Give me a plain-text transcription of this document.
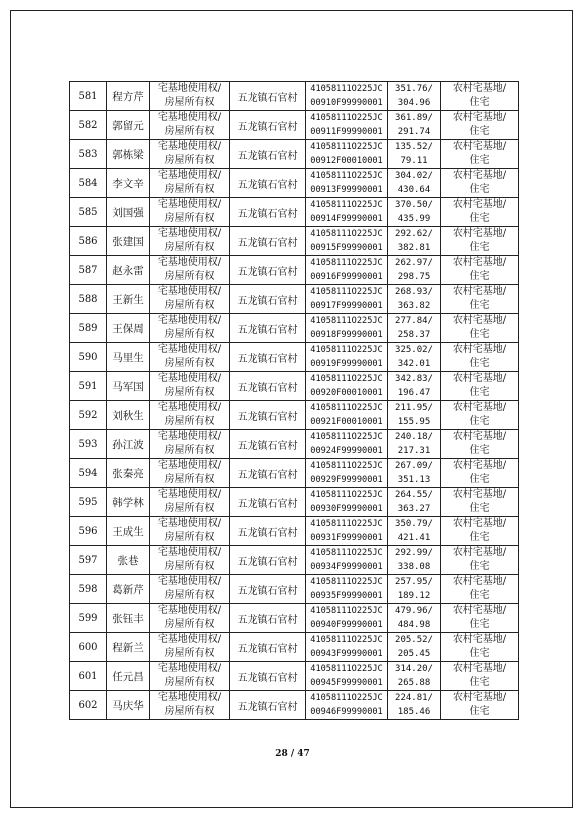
581	程方芹	宅基地使用权/
房屋所有权	五龙镇石官村	41058111O225JC
00910F99990001	351.76/
304.96	农村宅基地/
住宅

582	郭留元	宅基地使用权/
房屋所有权	五龙镇石官村	41058111O225JC
00911F99990001	361.89/
291.74	农村宅基地/
住宅

583	郭栋梁	宅基地使用权/
房屋所有权	五龙镇石官村	41058111O225JC
00912F00010001	135.52/
79.11	农村宅基地/
住宅

584	李文辛	宅基地使用权/
房屋所有权	五龙镇石官村	41058111O225JC
00913F99990001	304.02/
430.64	农村宅基地/
住宅

585	刘国强	宅基地使用权/
房屋所有权	五龙镇石官村	41058111O225JC
00914F99990001	370.50/
435.99	农村宅基地/
住宅

586	张建国	宅基地使用权/
房屋所有权	五龙镇石官村	41058111O225JC
00915F99990001	292.62/
382.81	农村宅基地/
住宅

587	赵永雷	宅基地使用权/
房屋所有权	五龙镇石官村	41058111O225JC
00916F99990001	262.97/
298.75	农村宅基地/
住宅

588	王新生	宅基地使用权/
房屋所有权	五龙镇石官村	41058111O225JC
00917F99990001	268.93/
363.82	农村宅基地/
住宅

589	王保周	宅基地使用权/
房屋所有权	五龙镇石官村	41058111O225JC
00918F99990001	277.84/
258.37	农村宅基地/
住宅

590	马里生	宅基地使用权/
房屋所有权	五龙镇石官村	41058111O225JC
00919F99990001	325.02/
342.01	农村宅基地/
住宅

591	马军国	宅基地使用权/
房屋所有权	五龙镇石官村	41058111O225JC
00920F00010001	342.83/
196.47	农村宅基地/
住宅

592	刘秋生	宅基地使用权/
房屋所有权	五龙镇石官村	41058111O225JC
00921F00010001	211.95/
155.95	农村宅基地/
住宅

593	孙江波	宅基地使用权/
房屋所有权	五龙镇石官村	41058111O225JC
00924F99990001	240.18/
217.31	农村宅基地/
住宅

594	张秦亮	宅基地使用权/
房屋所有权	五龙镇石官村	41058111O225JC
00929F99990001	267.09/
351.13	农村宅基地/
住宅

595	韩学林	宅基地使用权/
房屋所有权	五龙镇石官村	41058111O225JC
00930F99990001	264.55/
363.27	农村宅基地/
住宅

596	王成生	宅基地使用权/
房屋所有权	五龙镇石官村	41058111O225JC
00931F99990001	350.79/
421.41	农村宅基地/
住宅

597	张巷	宅基地使用权/
房屋所有权	五龙镇石官村	41058111O225JC
00934F99990001	292.99/
338.08	农村宅基地/
住宅

598	葛新芹	宅基地使用权/
房屋所有权	五龙镇石官村	41058111O225JC
00935F99990001	257.95/
189.12	农村宅基地/
住宅

599	张钰丰	宅基地使用权/
房屋所有权	五龙镇石官村	41058111O225JC
00940F99990001	479.96/
484.98	农村宅基地/
住宅

600	程新兰	宅基地使用权/
房屋所有权	五龙镇石官村	41058111O225JC
00943F99990001	205.52/
205.45	农村宅基地/
住宅

601	任元昌	宅基地使用权/
房屋所有权	五龙镇石官村	41058111O225JC
00945F99990001	314.20/
265.88	农村宅基地/
住宅

602	马庆华	宅基地使用权/
房屋所有权	五龙镇石官村	41058111O225JC
00946F99990001	224.81/
185.46	农村宅基地/
住宅
28 / 47
